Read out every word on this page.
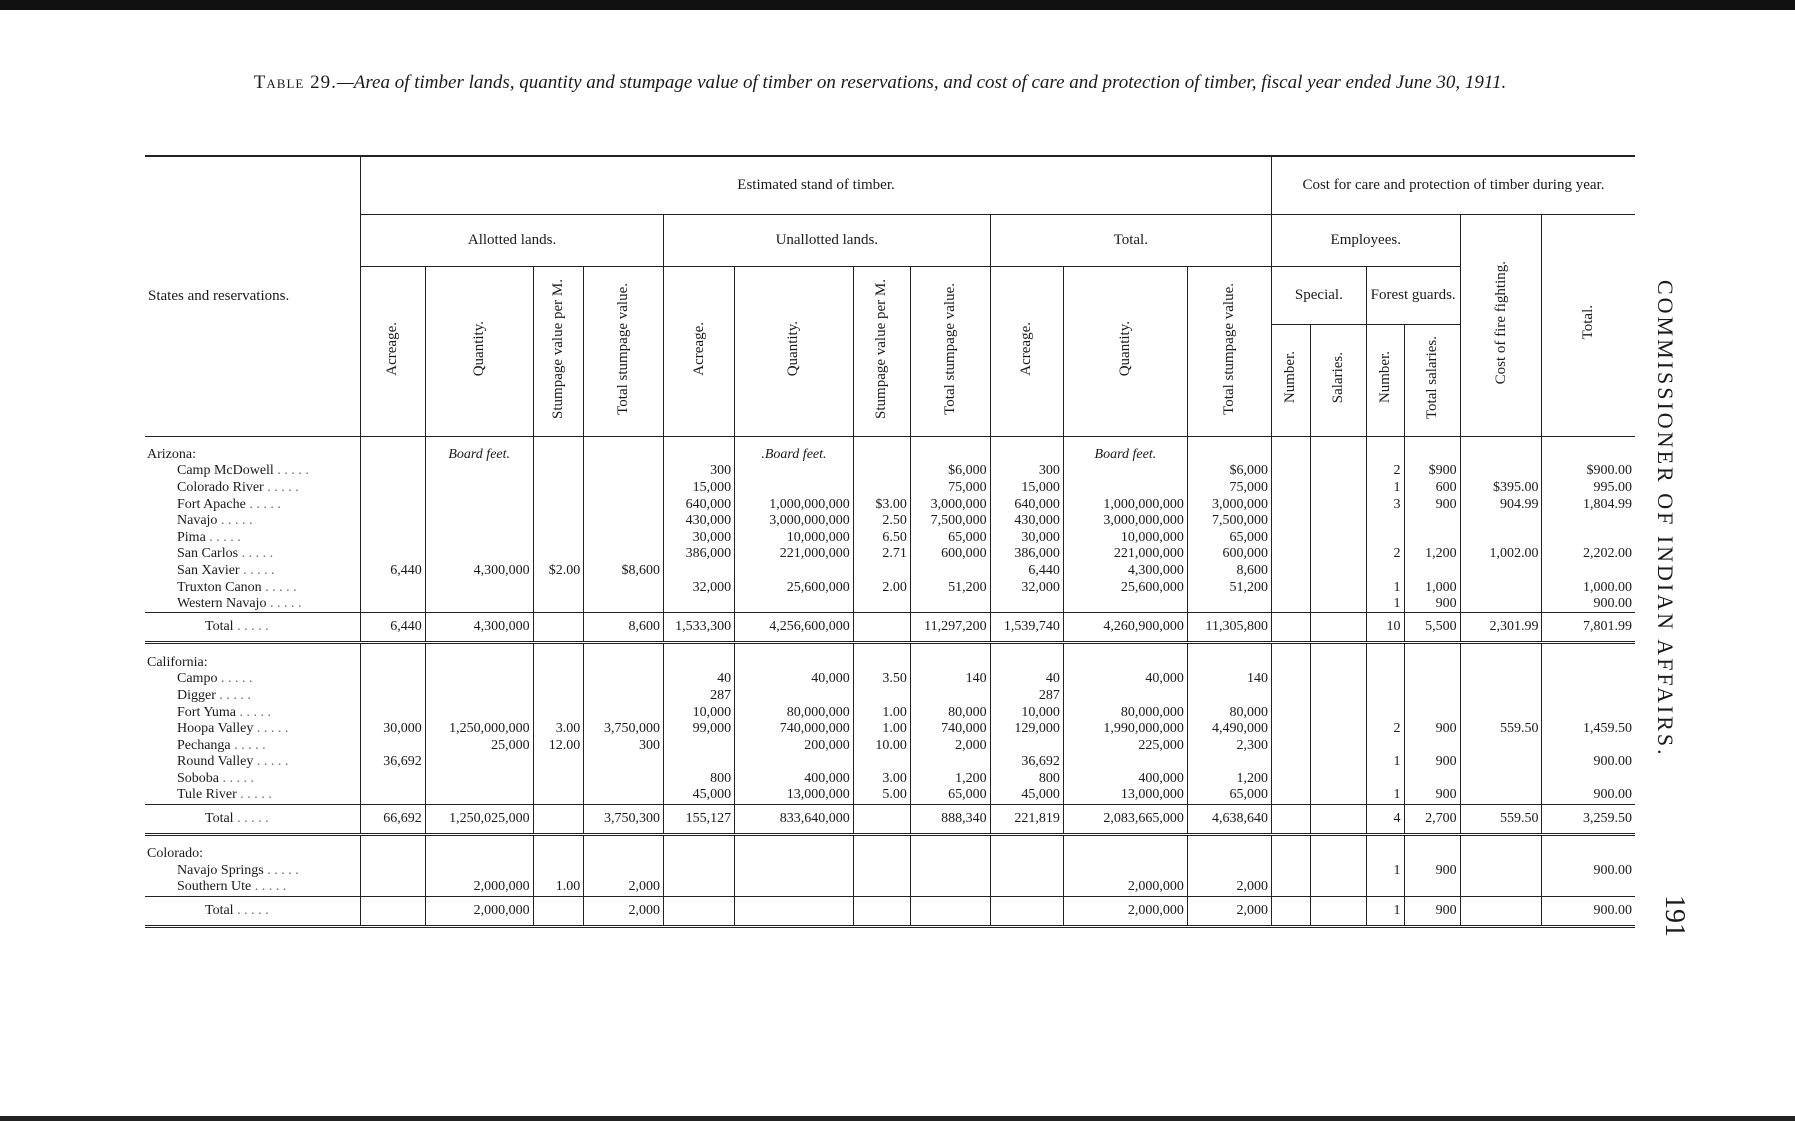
Table 29.—Area of timber lands, quantity and stumpage value of timber on reservations, and cost of care and protection of timber, fiscal year ended June 30, 1911.
States and reservations.	Estimated stand of timber.											Cost for care and protection of timber during year.					
	Allotted lands.				Unallotted lands.				Total.			Employees.				Cost of fire fighting.	Total.
	Acreage.	Quantity.	Stumpage value per M.	Total stumpage value.	Acreage.	Quantity.	Stumpage value per M.	Total stumpage value.	Acreage.	Quantity.	Total stumpage value.	Special.		Forest guards.			
												Number.	Salaries.	Number.	Total salaries.		
Arizona:		Board feet.				.Board feet.				Board feet.							
Camp McDowell . . . . .					300			$6,000	300		$6,000			2	$900		$900.00
Colorado River . . . . .					15,000			75,000	15,000		75,000			1	600	$395.00	995.00
Fort Apache . . . . .					640,000	1,000,000,000	$3.00	3,000,000	640,000	1,000,000,000	3,000,000			3	900	904.99	1,804.99
Navajo . . . . .					430,000	3,000,000,000	2.50	7,500,000	430,000	3,000,000,000	7,500,000						
Pima . . . . .					30,000	10,000,000	6.50	65,000	30,000	10,000,000	65,000						
San Carlos . . . . .					386,000	221,000,000	2.71	600,000	386,000	221,000,000	600,000			2	1,200	1,002.00	2,202.00
San Xavier . . . . .	6,440	4,300,000	$2.00	$8,600					6,440	4,300,000	8,600						
Truxton Canon . . . . .					32,000	25,600,000	2.00	51,200	32,000	25,600,000	51,200			1	1,000		1,000.00
Western Navajo . . . . .														1	900		900.00
Total . . . . .	6,440	4,300,000		8,600	1,533,300	4,256,600,000		11,297,200	1,539,740	4,260,900,000	11,305,800			10	5,500	2,301.99	7,801.99
California:																	
Campo . . . . .					40	40,000	3.50	140	40	40,000	140						
Digger . . . . .					287				287								
Fort Yuma . . . . .					10,000	80,000,000	1.00	80,000	10,000	80,000,000	80,000						
Hoopa Valley . . . . .	30,000	1,250,000,000	3.00	3,750,000	99,000	740,000,000	1.00	740,000	129,000	1,990,000,000	4,490,000			2	900	559.50	1,459.50
Pechanga . . . . .		25,000	12.00	300		200,000	10.00	2,000		225,000	2,300						
Round Valley . . . . .	36,692								36,692					1	900		900.00
Soboba . . . . .					800	400,000	3.00	1,200	800	400,000	1,200						
Tule River . . . . .					45,000	13,000,000	5.00	65,000	45,000	13,000,000	65,000			1	900		900.00
Total . . . . .	66,692	1,250,025,000		3,750,300	155,127	833,640,000		888,340	221,819	2,083,665,000	4,638,640			4	2,700	559.50	3,259.50
Colorado:																	
Navajo Springs . . . . .														1	900		900.00
Southern Ute . . . . .		2,000,000	1.00	2,000						2,000,000	2,000						
Total . . . . .		2,000,000		2,000						2,000,000	2,000			1	900		900.00
COMMISSIONER OF INDIAN AFFAIRS.
191
